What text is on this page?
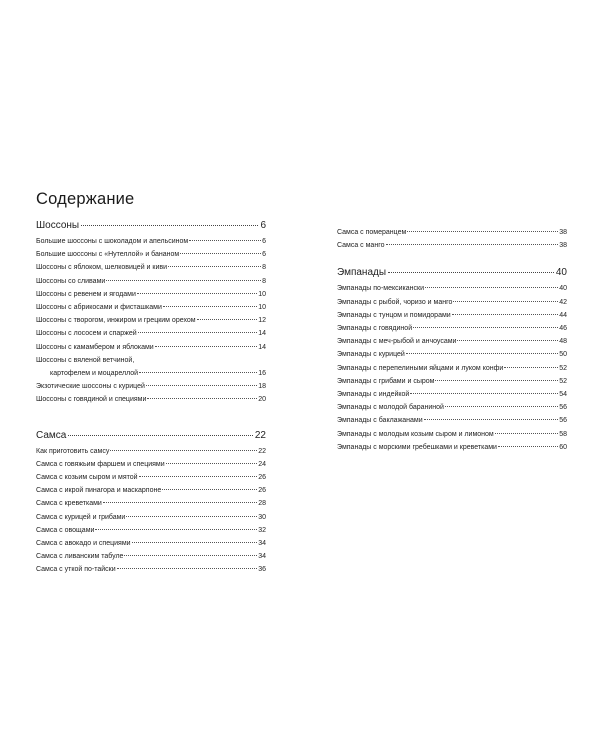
Содержание
Шоссоны	6
Большие шоссоны с шоколадом и апельсином	6
Большие шоссоны с «Нутеллой» и бананом	6
Шоссоны с яблоком, шелковицей и киви	8
Шоссоны со сливами	8
Шоссоны с ревенем и ягодами	10
Шоссоны с абрикосами и фисташками	10
Шоссоны с творогом, инжиром и грецким орехом	12
Шоссоны с лососем и спаржей	14
Шоссоны с камамбером и яблоками	14
Шоссоны с вяленой ветчиной,
картофелем и моцареллой	16
Экзотические шоссоны с курицей	18
Шоссоны с говядиной и специями	20
Самса	22
Как приготовить самсу	22
Самса с говяжьим фаршем и специями	24
Самса с козьим сыром и мятой	26
Самса с икрой пинагора и маскарпоне	26
Самса с креветками	28
Самса с курицей и грибами	30
Самса с овощами	32
Самса с авокадо и специями	34
Самса с ливанским табуле	34
Самса с уткой по-тайски	36
Самса с померанцем	38
Самса с манго	38
Эмпанады	40
Эмпанады по-мексикански	40
Эмпанады с рыбой, чоризо и манго	42
Эмпанады с тунцом и помидорами	44
Эмпанады с говядиной	46
Эмпанады с меч-рыбой и анчоусами	48
Эмпанады с курицей	50
Эмпанады с перепелиными яйцами и луком конфи	52
Эмпанады с грибами и сыром	52
Эмпанады с индейкой	54
Эмпанады с молодой бараниной	56
Эмпанады с баклажанами	56
Эмпанады с молодым козьим сыром и лимоном	58
Эмпанады с морскими гребешками и креветками	60
